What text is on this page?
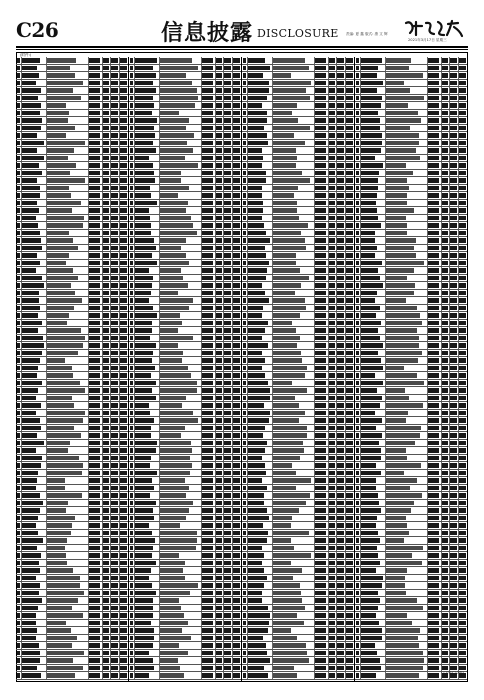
C26	信息披露 DISCLOSURE 责编: 夏 鑫 版式: 康 文 辉
2021年3月17日 星期三
(附件:)
(下转C27版)
